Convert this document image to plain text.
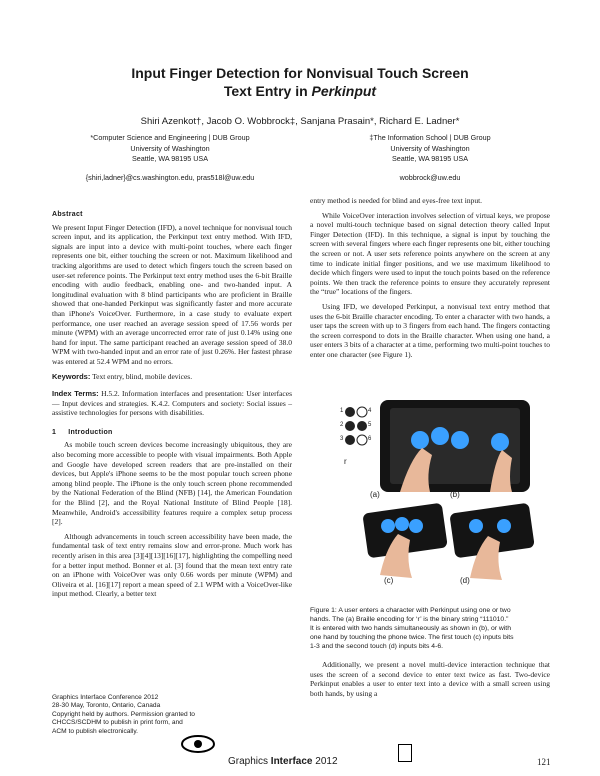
Input Finger Detection for Nonvisual Touch Screen
Text Entry in Perkinput
Shiri Azenkot†, Jacob O. Wobbrock‡, Sanjana Prasain*, Richard E. Ladner*
*Computer Science and Engineering | DUB Group
University of Washington
Seattle, WA 98195 USA
{shiri,ladner}@cs.washington.edu, pras518l@uw.edu
‡The Information School | DUB Group
University of Washington
Seattle, WA 98195 USA
wobbrock@uw.edu
Abstract

We present Input Finger Detection (IFD), a novel technique for nonvisual touch screen input, and its application, the Perkinput text entry method. With IFD, signals are input into a device with multi-point touches, where each finger represents one bit, either touching the screen or not. Maximum likelihood and tracking algorithms are used to detect which fingers touch the screen based on user-set reference points. The Perkinput text entry method uses the 6-bit Braille encoding with audio feedback, enabling one- and two-handed input. A longitudinal evaluation with 8 blind participants who are proficient in Braille showed that one-handed Perkinput was significantly faster and more accurate than iPhone's VoiceOver. Furthermore, in a case study to evaluate expert performance, one user reached an average session speed of 17.56 words per minute (WPM) with an average uncorrected error rate of just 0.14% using one hand for input. The same participant reached an average session speed of 38.0 WPM with two-handed input and an error rate of just 0.26%. Her fastest phrase was entered at 52.4 WPM and no errors.

Keywords: Text entry, blind, mobile devices.

Index Terms: H.5.2. Information interfaces and presentation: User interfaces — Input devices and strategies. K.4.2. Computers and society: Social issues – assistive technologies for persons with disabilities.

1 Introduction

As mobile touch screen devices become increasingly ubiquitous, they are also becoming more accessible to people with visual impairments. Both Apple and Google have developed screen readers that are pre-installed on their devices, but Apple's iPhone seems to be the most popular touch screen phone among blind people. The iPhone is the only touch screen phone recommended by the National Federation of the Blind (NFB) [14], the American Foundation for the Blind [2], and the Royal National Institute of Blind People [18]. Meanwhile, Android's accessibility features require a complex setup process [2].

Although advancements in touch screen accessibility have been made, the fundamental task of text entry remains slow and error-prone. Much work has recently arisen in this area [3][4][13][16][17], highlighting the compelling need for a better input method. Bonner et al. [3] found that the mean text entry rate on an iPhone with VoiceOver was only 0.66 words per minute (WPM) and Oliveira et al. [16][17] report a mean speed of 2.1 WPM with a VoiceOver-like input method. Clearly, a better text

Graphics Interface Conference 2012
28-30 May, Toronto, Ontario, Canada
Copyright held by authors. Permission granted to
CHCCS/SCDHM to publish in print form, and
ACM to publish electronically.

entry method is needed for blind and eyes-free text input.

While VoiceOver interaction involves selection of virtual keys, we propose a novel multi-touch technique based on signal detection theory called Input Finger Detection (IFD). In this technique, a signal is input by touching the screen with several fingers where each finger represents one bit, either touching the screen or not. A user sets reference points anywhere on the screen at any time to indicate initial finger positions, and we use maximum likelihood to decide which fingers were used to input the touch points based on the reference points. We then track the reference points to ensure they accurately represent the “true” locations of the fingers.

Using IFD, we developed Perkinput, a nonvisual text entry method that uses the 6-bit Braille character encoding. To enter a character with two hands, a user taps the screen with up to 3 fingers from each hand. The fingers contacting the screen correspond to dots in the Braille character. When using one hand, a user enters 3 bits of a character at a time, performing two multi-point touches to enter one character (see Figure 1).

r
(a)	(b)
(c)	(d)
4
5
6
1
2
3
Figure 1: A user enters a character with Perkinput using one or two
hands. The (a) Braille encoding for ‘r’ is the binary string “111010.”
It is entered with two hands simultaneously as shown in (b), or with
one hand by touching the phone twice. The first touch (c) inputs bits
1-3 and the second touch (d) inputs bits 4-6.

Additionally, we present a novel multi-device interaction technique that uses the screen of a second device to enter text twice as fast. Two-device Perkinput enables a user to enter text into a device with a small screen using both hands, by using a

Graphics Interface 2012	121
